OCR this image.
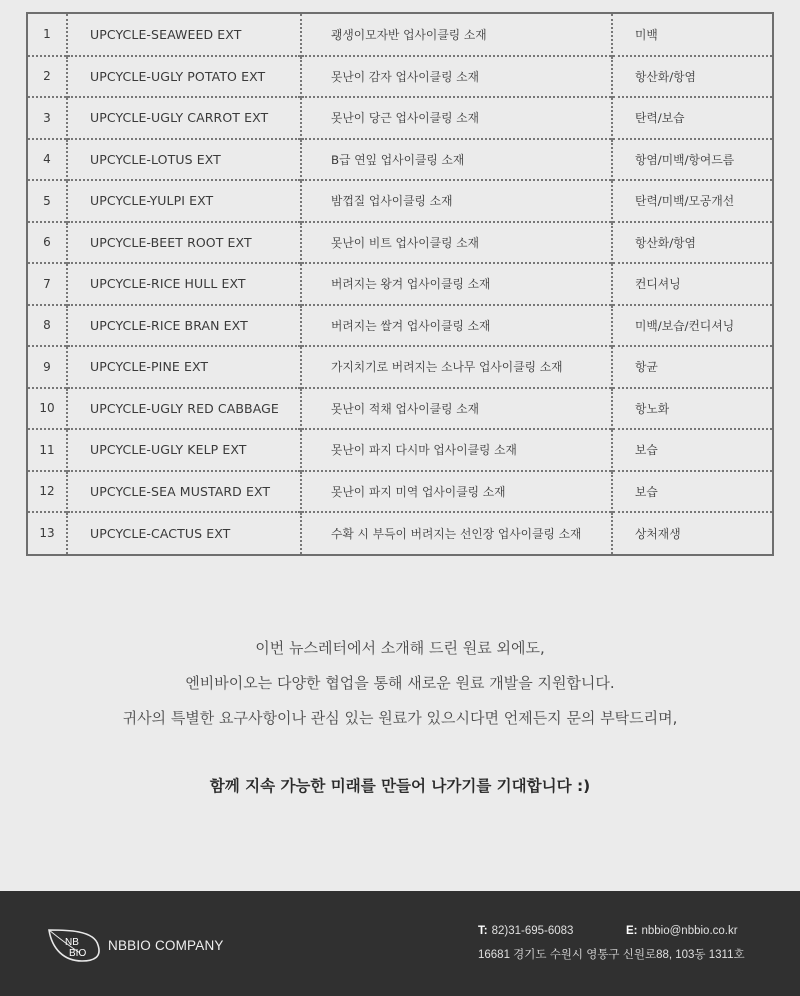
1	UPCYCLE-SEAWEED EXT	괭생이모자반 업사이클링 소재	미백
2	UPCYCLE-UGLY POTATO EXT	못난이 감자 업사이클링 소재	항산화/항염
3	UPCYCLE-UGLY CARROT EXT	못난이 당근 업사이클링 소재	탄력/보습
4	UPCYCLE-LOTUS EXT	B급 연잎 업사이클링 소재	항염/미백/항여드름
5	UPCYCLE-YULPI EXT	밤껍질 업사이클링 소재	탄력/미백/모공개선
6	UPCYCLE-BEET ROOT EXT	못난이 비트 업사이클링 소재	항산화/항염
7	UPCYCLE-RICE HULL EXT	버려지는 왕겨 업사이클링 소재	컨디셔닝
8	UPCYCLE-RICE BRAN EXT	버려지는 쌀겨 업사이클링 소재	미백/보습/컨디셔닝
9	UPCYCLE-PINE EXT	가지치기로 버려지는 소나무 업사이클링 소재	항균
10	UPCYCLE-UGLY RED CABBAGE	못난이 적채 업사이클링 소재	항노화
11	UPCYCLE-UGLY KELP EXT	못난이 파지 다시마 업사이클링 소재	보습
12	UPCYCLE-SEA MUSTARD EXT	못난이 파지 미역 업사이클링 소재	보습
13	UPCYCLE-CACTUS EXT	수확 시 부득이 버려지는 선인장 업사이클링 소재	상처재생

이번 뉴스레터에서 소개해 드린 원료 외에도,

엔비바이오는 다양한 협업을 통해 새로운 원료 개발을 지원합니다.

귀사의 특별한 요구사항이나 관심 있는 원료가 있으시다면 언제든지 문의 부탁드리며,

함께 지속 가능한 미래를 만들어 나가기를 기대합니다 :)
NB
BIO
NBBIO COMPANY
T: 82)31-695-6083	E: nbbio@nbbio.co.kr
16681 경기도 수원시 영통구 신원로88, 103동 1311호
